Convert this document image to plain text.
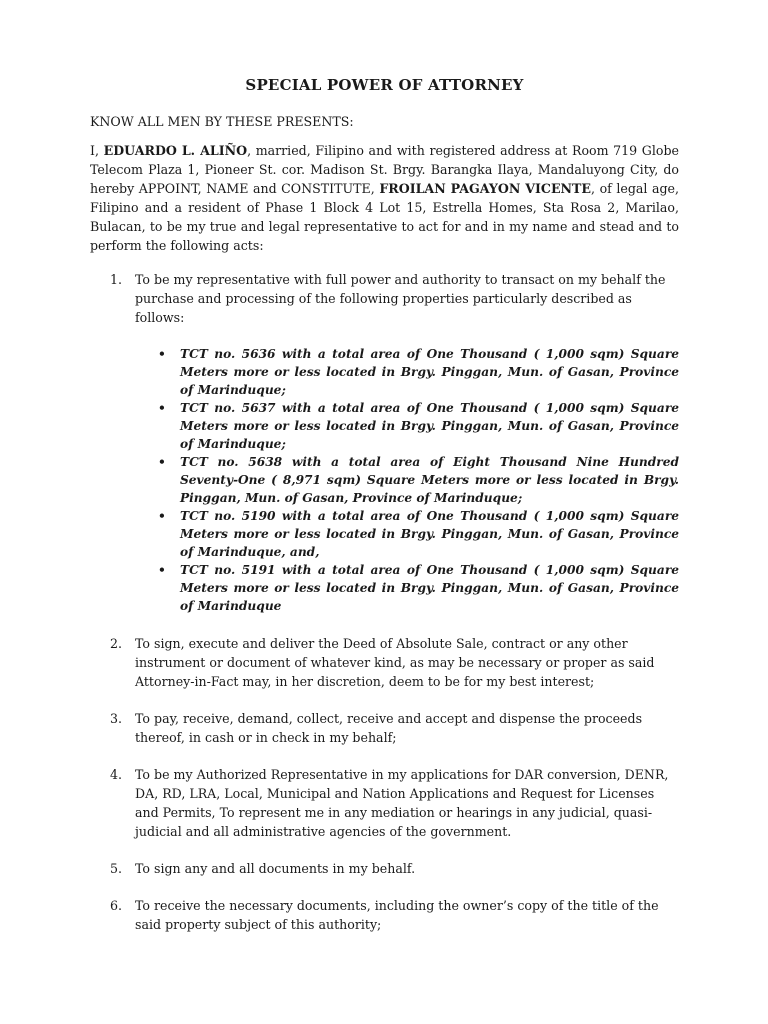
SPECIAL POWER OF ATTORNEY

KNOW ALL MEN BY THESE PRESENTS:

I, EDUARDO L. ALIÑO, married, Filipino and with registered address at Room 719 Globe Telecom Plaza 1, Pioneer St. cor. Madison St. Brgy. Barangka Ilaya, Mandaluyong City, do hereby APPOINT, NAME and CONSTITUTE, FROILAN PAGAYON VICENTE, of legal age, Filipino and a resident of Phase 1 Block 4 Lot 15, Estrella Homes, Sta Rosa 2, Marilao, Bulacan, to be my true and legal representative to act for and in my name and stead and to perform the following acts:

1. To be my representative with full power and authority to transact on my behalf the purchase and processing of the following properties particularly described as follows:
• TCT no. 5636 with a total area of One Thousand ( 1,000 sqm) Square Meters more or less located in Brgy. Pinggan, Mun. of Gasan, Province of Marinduque;
• TCT no. 5637 with a total area of One Thousand ( 1,000 sqm) Square Meters more or less located in Brgy. Pinggan, Mun. of Gasan, Province of Marinduque;
• TCT no. 5638 with a total area of Eight Thousand Nine Hundred Seventy-One ( 8,971 sqm) Square Meters more or less located in Brgy. Pinggan, Mun. of Gasan, Province of Marinduque;
• TCT no. 5190 with a total area of One Thousand ( 1,000 sqm) Square Meters more or less located in Brgy. Pinggan, Mun. of Gasan, Province of Marinduque, and,
• TCT no. 5191 with a total area of One Thousand ( 1,000 sqm) Square Meters more or less located in Brgy. Pinggan, Mun. of Gasan, Province of Marinduque
2. To sign, execute and deliver the Deed of Absolute Sale, contract or any other instrument or document of whatever kind, as may be necessary or proper as said Attorney-in-Fact may, in her discretion, deem to be for my best interest;
3. To pay, receive, demand, collect, receive and accept and dispense the proceeds thereof, in cash or in check in my behalf;
4. To be my Authorized Representative in my applications for DAR conversion, DENR, DA, RD, LRA, Local, Municipal and Nation Applications and Request for Licenses and Permits, To represent me in any mediation or hearings in any judicial, quasi- judicial and all administrative agencies of the government.
5. To sign any and all documents in my behalf.
6. To receive the necessary documents, including the owner’s copy of the title of the said property subject of this authority;
